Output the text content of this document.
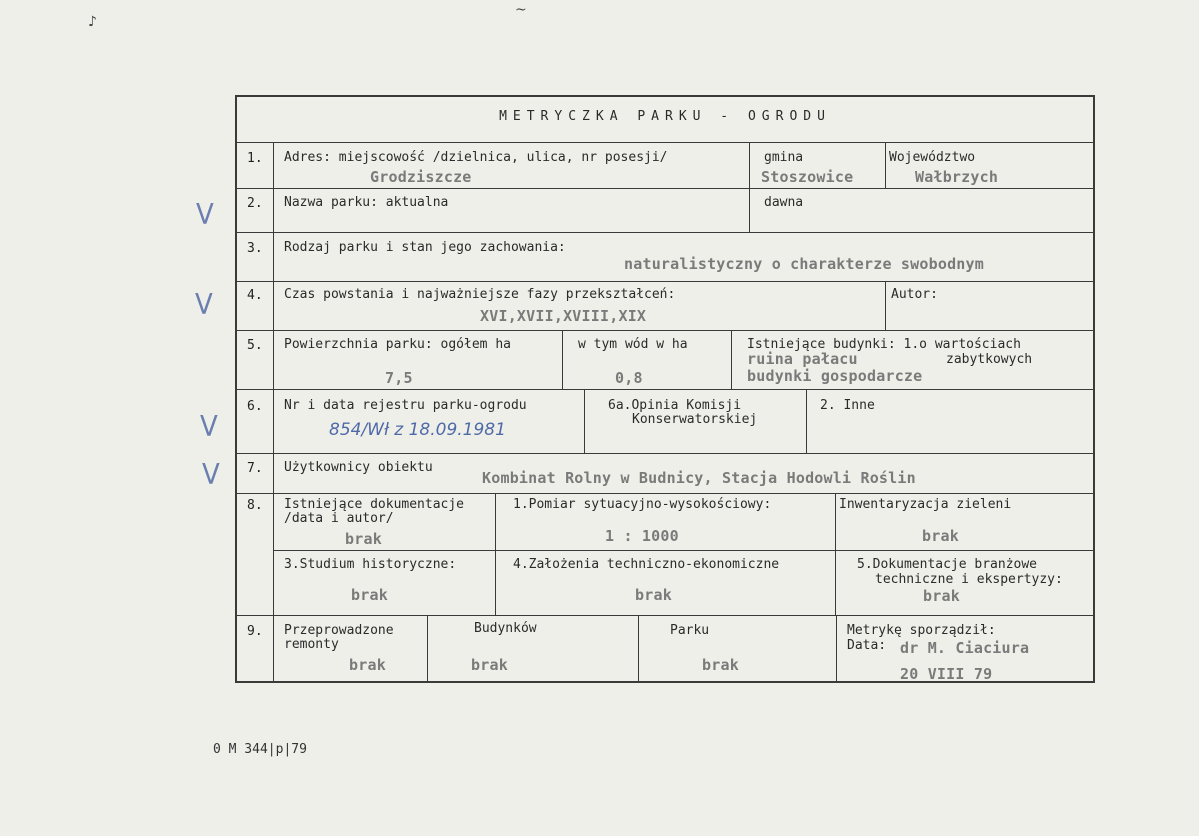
♪
~
V
V
V
V
METRYCZKA PARKU - OGRODU
1.
2.
3.
4.
5.
6.
7.
8.
9.
Adres: miejscowość /dzielnica, ulica, nr posesji/
Grodziszcze
gmina
Stoszowice
Województwo
Wałbrzych
Nazwa parku: aktualna	dawna
Rodzaj parku i stan jego zachowania:
naturalistyczny o charakterze swobodnym
Czas powstania i najważniejsze fazy przekształceń:
XVI,XVII,XVIII,XIX
Autor:
Powierzchnia parku: ogółem ha
7,5
w tym wód w ha
0,8
Istniejące budynki: 1.o wartościach
zabytkowych
ruina pałacu
budynki gospodarcze
Nr i data rejestru parku-ogrodu
854/Wł z 18.09.1981
6a.Opinia Komisji
Konserwatorskiej
2. Inne
Użytkownicy obiektu
Kombinat Rolny w Budnicy, Stacja Hodowli Roślin
Istniejące dokumentacje
/data i autor/
brak
1.Pomiar sytuacyjno-wysokościowy:
1 : 1000
Inwentaryzacja zieleni
brak
3.Studium historyczne:
brak
4.Założenia techniczno-ekonomiczne
brak
5.Dokumentacje branżowe
techniczne i ekspertyzy:
brak
Przeprowadzone
remonty
brak
Budynków
brak
Parku
brak
Metrykę sporządził:
Data: dr M. Ciaciura
20 VIII 79
0 M 344|p|79
